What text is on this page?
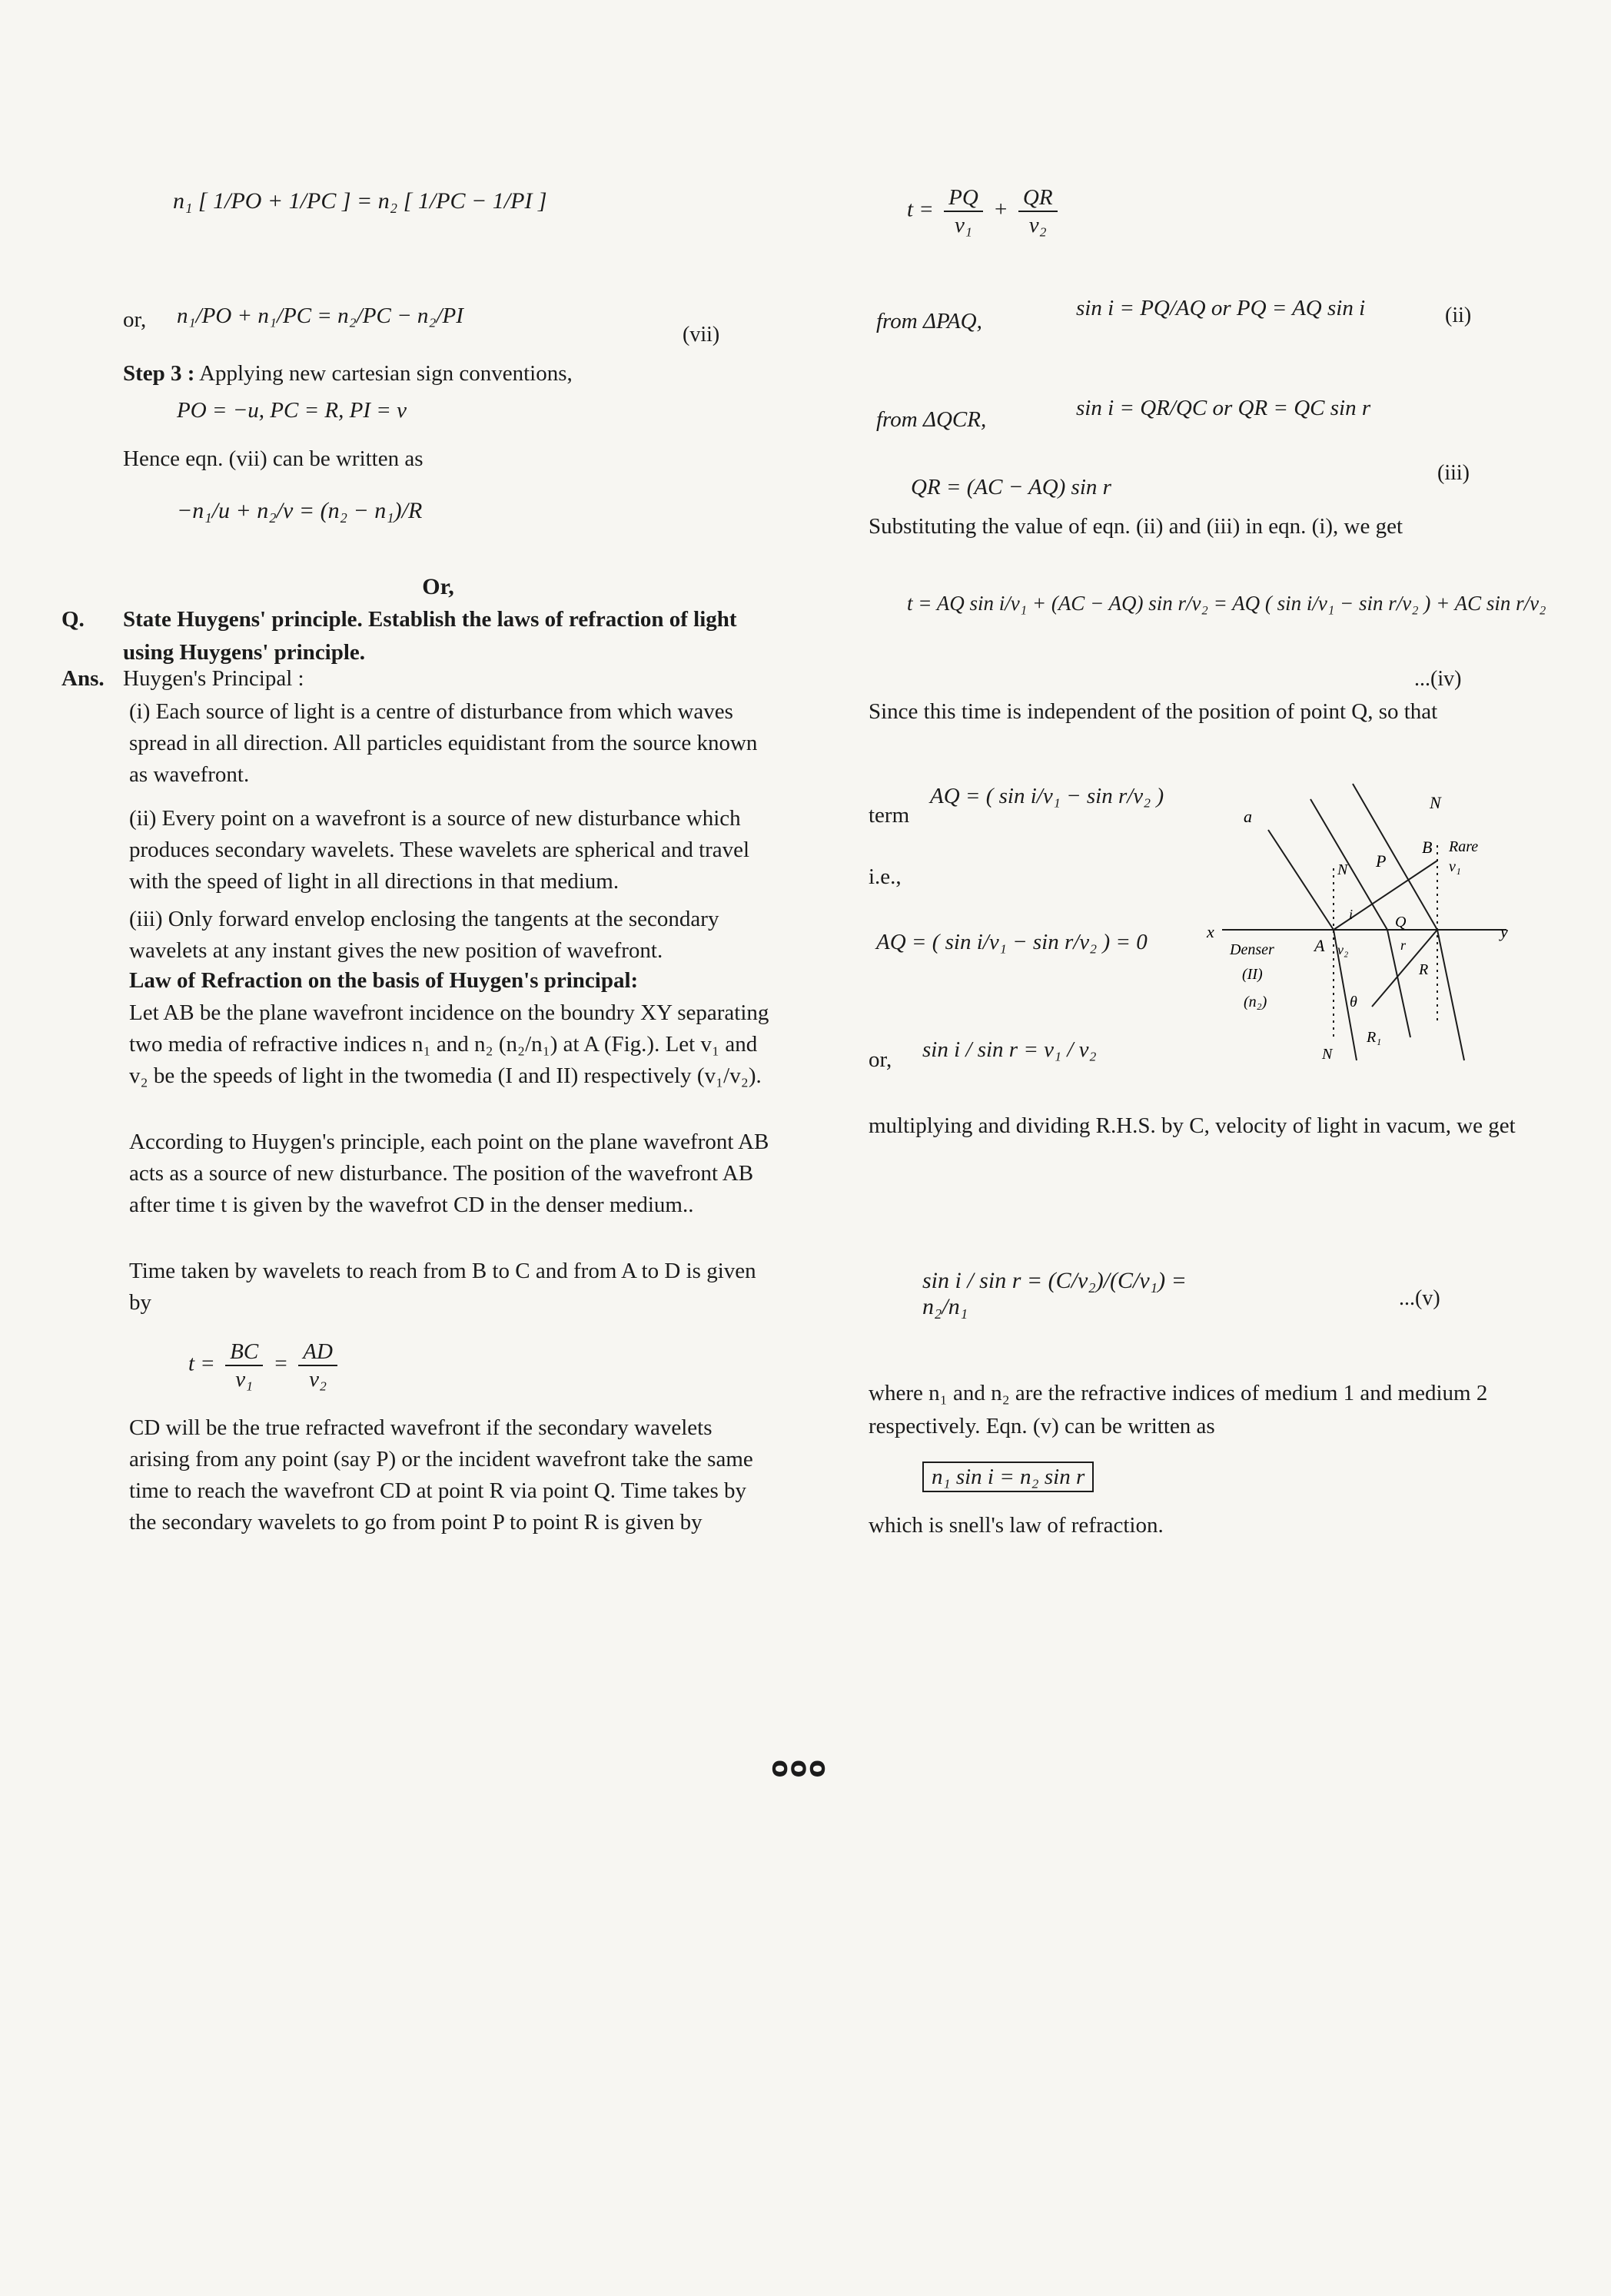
n₁ [ 1/PO + 1/PC ] = n₂ [ 1/PC − 1/PI ]
or,	n₁/PO + n₁/PC = n₂/PC − n₂/PI
(vii)
Step 3 : Applying new cartesian sign conventions,
PO = −u, PC = R, PI = v
Hence eqn. (vii) can be written as
−n₁/u + n₂/v = (n₂ − n₁)/R
Or,
Q.	State Huygens' principle. Establish the laws of refraction of light using Huygens' principle.
Ans. Huygen's Principal :
(i) Each source of light is a centre of disturbance from which waves spread in all direction. All particles equidistant from the source known as wavefront.
(ii) Every point on a wavefront is a source of new disturbance which produces secondary wavelets. These wavelets are spherical and travel with the speed of light in all directions in that medium.
(iii) Only forward envelop enclosing the tangents at the secondary wavelets at any instant gives the new position of wavefront.
Law of Refraction on the basis of Huygen's principal:
Let AB be the plane wavefront incidence on the boundry XY separating two media of refractive indices n₁ and n₂ (n₂/n₁) at A (Fig.). Let v₁ and v₂ be the speeds of light in the twomedia (I and II) respectively (v₁/v₂).
According to Huygen's principle, each point on the plane wavefront AB acts as a source of new disturbance. The position of the wavefront AB after time t is given by the wavefrot CD in the denser medium..
Time taken by wavelets to reach from B to C and from A to D is given by
$t = \frac{BC}{\text{v₁}} = \frac{AD}{\text{v₂}}$
CD will be the true refracted wavefront if the secondary wavelets arising from any point (say P) or the incident wavefront take the same time to reach the wavefront CD at point R via point Q. Time takes by the secondary wavelets to go from point P to point R is given by
$t = \frac{PQ}{\text{v₁}} + \frac{QR}{\text{v₂}}$
from ΔPAQ,
sin i = PQ/AQ or PQ = AQ sin i	(ii)
from ΔQCR,	sin i = QR/QC or QR = QC sin r
QR = (AC − AQ) sin r
(iii)
Substituting the value of eqn. (ii) and (iii) in eqn. (i), we get
t = AQ sin i/v₁ + (AC − AQ) sin r/v₂ = AQ ( sin i/v₁ − sin r/v₂ ) + AC sin r/v₂
...(iv)
Since this time is independent of the position of point Q, so that
term
AQ = ( sin i/v₁ − sin r/v₂ )
i.e.,
AQ = ( sin i/v₁ − sin r/v₂ ) = 0
or,	sin i / sin r = v₁ / v₂
multiplying and dividing R.H.S. by C, velocity of light in vacum, we get
sin i / sin r = (C/v₂)/(C/v₁) = n₂/n₁	...(v)
where n₁ and n₂ are the refractive indices of medium 1 and medium 2 respectively. Eqn. (v) can be written as
n₁ sin i = n₂ sin r
which is snell's law of refraction.
a
N
B Rare
v₁
P
N
Q
x
Denser
(II)
(n₂)
A v₂
i
r
R
θ
R₁
N
y
ᴑᴑᴑ
